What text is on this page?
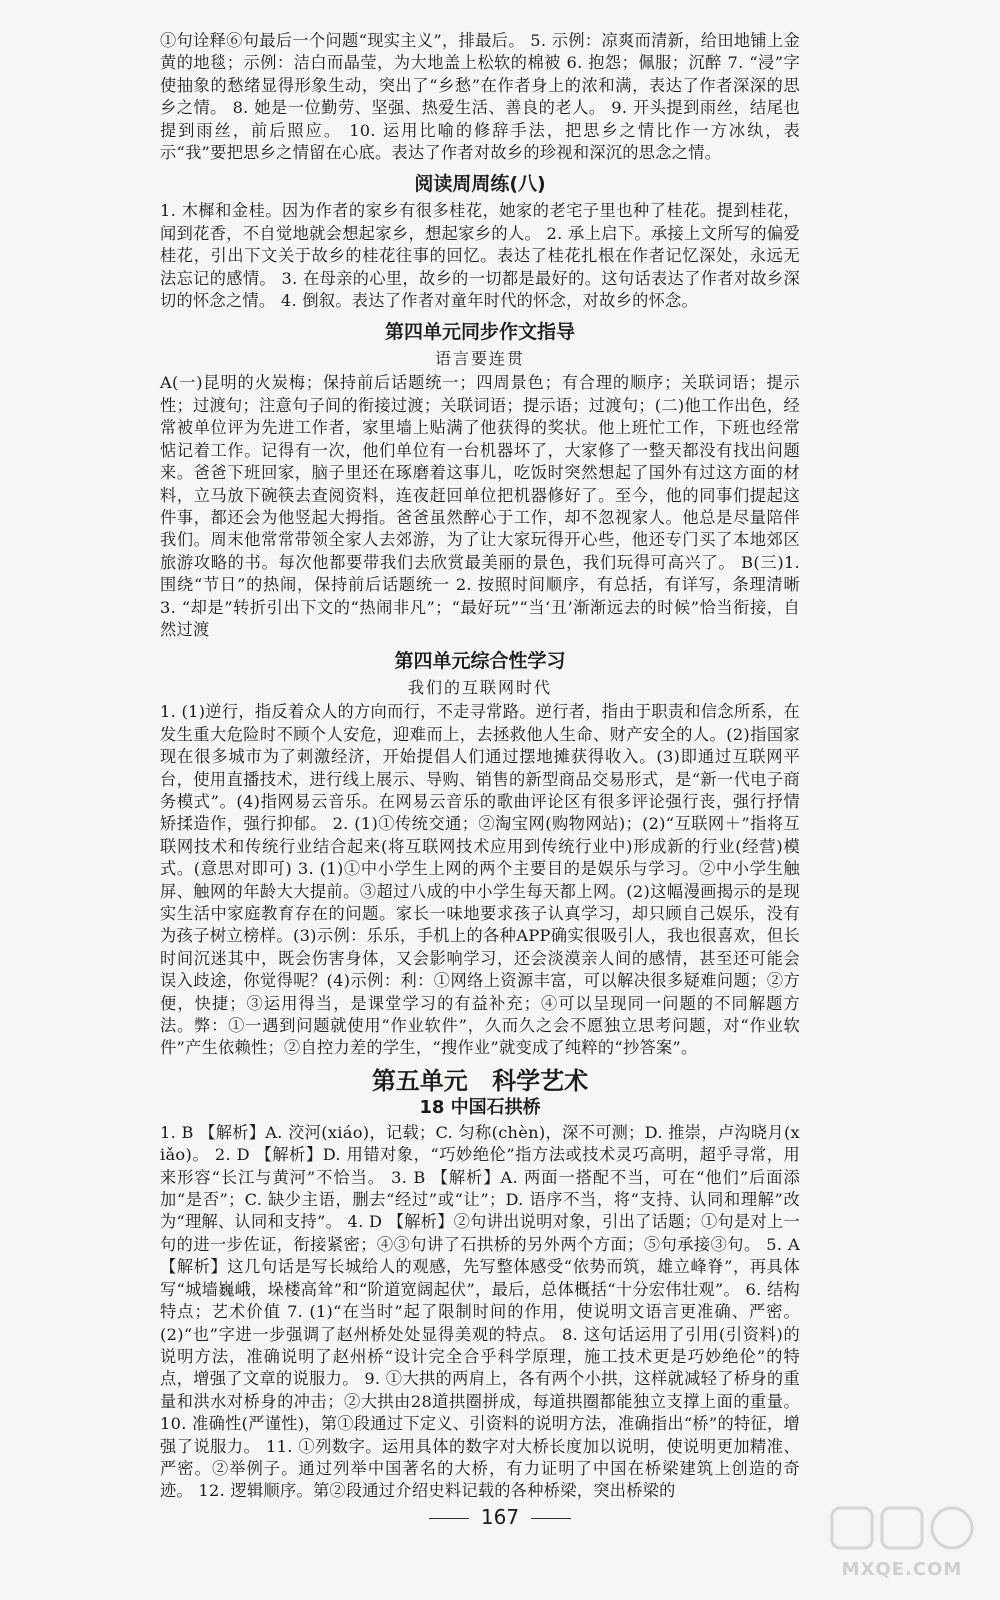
①句诠释⑥句最后一个问题“现实主义”，排最后。 5. 示例：凉爽而清新，给田地铺上金黄的地毯；示例：洁白而晶莹，为大地盖上松软的棉被 6. 抱怨；佩服；沉醉 7. “浸”字使抽象的愁绪显得形象生动，突出了“乡愁”在作者身上的浓和满，表达了作者深深的思乡之情。 8. 她是一位勤劳、坚强、热爱生活、善良的老人。 9. 开头提到雨丝，结尾也提到雨丝，前后照应。 10. 运用比喻的修辞手法，把思乡之情比作一方冰纨，表示“我”要把思乡之情留在心底。表达了作者对故乡的珍视和深沉的思念之情。

阅读周周练(八)

1. 木樨和金桂。因为作者的家乡有很多桂花，她家的老宅子里也种了桂花。提到桂花，闻到花香，不自觉地就会想起家乡，想起家乡的人。 2. 承上启下。承接上文所写的偏爱桂花，引出下文关于故乡的桂花往事的回忆。表达了桂花扎根在作者记忆深处，永远无法忘记的感情。 3. 在母亲的心里，故乡的一切都是最好的。这句话表达了作者对故乡深切的怀念之情。 4. 倒叙。表达了作者对童年时代的怀念，对故乡的怀念。

第四单元同步作文指导
语言要连贯

A(一)昆明的火炭梅；保持前后话题统一；四周景色；有合理的顺序；关联词语；提示性；过渡句；注意句子间的衔接过渡；关联词语；提示语；过渡句；(二)他工作出色，经常被单位评为先进工作者，家里墙上贴满了他获得的奖状。他上班忙工作，下班也经常惦记着工作。记得有一次，他们单位有一台机器坏了，大家修了一整天都没有找出问题来。爸爸下班回家，脑子里还在琢磨着这事儿，吃饭时突然想起了国外有过这方面的材料，立马放下碗筷去查阅资料，连夜赶回单位把机器修好了。至今，他的同事们提起这件事，都还会为他竖起大拇指。爸爸虽然醉心于工作，却不忽视家人。他总是尽量陪伴我们。周末他常常带领全家人去郊游，为了让大家玩得开心些，他还专门买了本地郊区旅游攻略的书。每次他都要带我们去欣赏最美丽的景色，我们玩得可高兴了。 B(三)1. 围绕“节日”的热闹，保持前后话题统一 2. 按照时间顺序，有总括，有详写，条理清晰 3. “却是”转折引出下文的“热闹非凡”；“最好玩”“当‘丑’渐渐远去的时候”恰当衔接，自然过渡

第四单元综合性学习
我们的互联网时代

1. (1)逆行，指反着众人的方向而行，不走寻常路。逆行者，指由于职责和信念所系，在发生重大危险时不顾个人安危，迎难而上，去拯救他人生命、财产安全的人。(2)指国家现在很多城市为了刺激经济，开始提倡人们通过摆地摊获得收入。(3)即通过互联网平台，使用直播技术，进行线上展示、导购、销售的新型商品交易形式，是“新一代电子商务模式”。(4)指网易云音乐。在网易云音乐的歌曲评论区有很多评论强行丧，强行抒情矫揉造作，强行抑郁。 2. (1)①传统交通；②淘宝网(购物网站)；(2)“互联网＋”指将互联网技术和传统行业结合起来(将互联网技术应用到传统行业中)形成新的行业(经营)模式。(意思对即可) 3. (1)①中小学生上网的两个主要目的是娱乐与学习。②中小学生触屏、触网的年龄大大提前。③超过八成的中小学生每天都上网。(2)这幅漫画揭示的是现实生活中家庭教育存在的问题。家长一味地要求孩子认真学习，却只顾自己娱乐，没有为孩子树立榜样。(3)示例：乐乐，手机上的各种APP确实很吸引人，我也很喜欢，但长时间沉迷其中，既会伤害身体，又会影响学习，还会淡漠亲人间的感情，甚至还可能会误入歧途，你觉得呢？(4)示例：利：①网络上资源丰富，可以解决很多疑难问题；②方便，快捷；③运用得当，是课堂学习的有益补充；④可以呈现同一问题的不同解题方法。弊：①一遇到问题就使用“作业软件”，久而久之会不愿独立思考问题，对“作业软件”产生依赖性；②自控力差的学生，“搜作业”就变成了纯粹的“抄答案”。

第五单元 科学艺术
18 中国石拱桥

1. B 【解析】A. 洨河(xiáo)，记载；C. 匀称(chèn)，深不可测；D. 推崇，卢沟晓月(xiǎo)。 2. D 【解析】D. 用错对象，“巧妙绝伦”指方法或技术灵巧高明，超乎寻常，用来形容“长江与黄河”不恰当。 3. B 【解析】A. 两面一搭配不当，可在“他们”后面添加“是否”；C. 缺少主语，删去“经过”或“让”；D. 语序不当，将“支持、认同和理解”改为“理解、认同和支持”。 4. D 【解析】②句讲出说明对象，引出了话题；①句是对上一句的进一步佐证，衔接紧密；④③句讲了石拱桥的另外两个方面；⑤句承接③句。 5. A 【解析】这几句话是写长城给人的观感，先写整体感受“依势而筑，雄立峰脊”，再具体写“城墙巍峨，垛楼高耸”和“阶道宽阔起伏”，最后，总体概括“十分宏伟壮观”。 6. 结构特点；艺术价值 7. (1)“在当时”起了限制时间的作用，使说明文语言更准确、严密。(2)“也”字进一步强调了赵州桥处处显得美观的特点。 8. 这句话运用了引用(引资料)的说明方法，准确说明了赵州桥“设计完全合乎科学原理，施工技术更是巧妙绝伦”的特点，增强了文章的说服力。 9. ①大拱的两肩上，各有两个小拱，这样就减轻了桥身的重量和洪水对桥身的冲击；②大拱由28道拱圈拼成，每道拱圈都能独立支撑上面的重量。 10. 准确性(严谨性)，第①段通过下定义、引资料的说明方法，准确指出“桥”的特征，增强了说服力。 11. ①列数字。运用具体的数字对大桥长度加以说明，使说明更加精准、严密。②举例子。通过列举中国著名的大桥，有力证明了中国在桥梁建筑上创造的奇迹。 12. 逻辑顺序。第②段通过介绍史料记载的各种桥梁，突出桥梁的

167
MXQE.COM
